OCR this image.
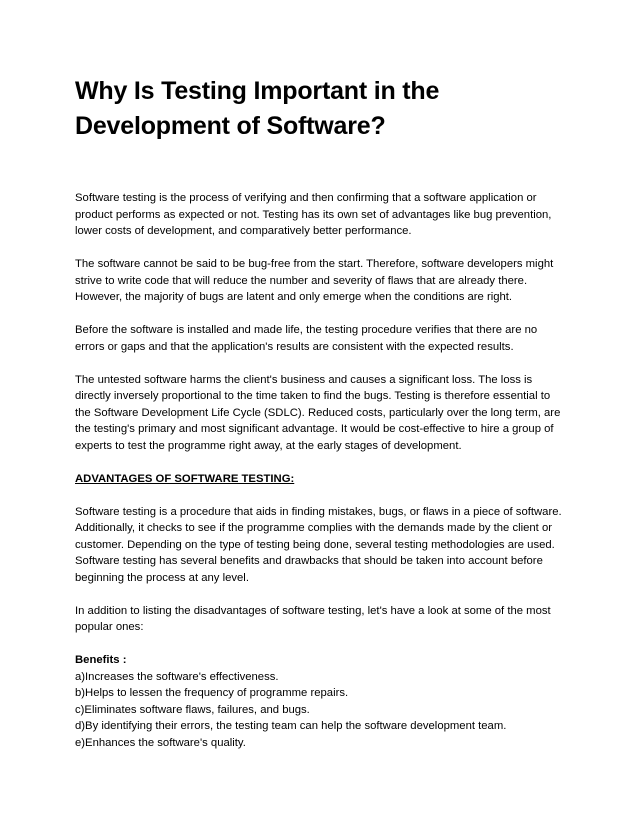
Why Is Testing Important in the Development of Software?

Software testing is the process of verifying and then confirming that a software application or product performs as expected or not. Testing has its own set of advantages like bug prevention, lower costs of development, and comparatively better performance.

The software cannot be said to be bug-free from the start. Therefore, software developers might strive to write code that will reduce the number and severity of flaws that are already there. However, the majority of bugs are latent and only emerge when the conditions are right.

Before the software is installed and made life, the testing procedure verifies that there are no errors or gaps and that the application's results are consistent with the expected results.

The untested software harms the client's business and causes a significant loss. The loss is directly inversely proportional to the time taken to find the bugs. Testing is therefore essential to the Software Development Life Cycle (SDLC). Reduced costs, particularly over the long term, are the testing's primary and most significant advantage. It would be cost-effective to hire a group of experts to test the programme right away, at the early stages of development.

ADVANTAGES OF SOFTWARE TESTING:

Software testing is a procedure that aids in finding mistakes, bugs, or flaws in a piece of software. Additionally, it checks to see if the programme complies with the demands made by the client or customer. Depending on the type of testing being done, several testing methodologies are used. Software testing has several benefits and drawbacks that should be taken into account before beginning the process at any level.

In addition to listing the disadvantages of software testing, let's have a look at some of the most popular ones:

Benefits :

a)Increases the software's effectiveness.
b)Helps to lessen the frequency of programme repairs.
c)Eliminates software flaws, failures, and bugs.
d)By identifying their errors, the testing team can help the software development team.
e)Enhances the software's quality.
